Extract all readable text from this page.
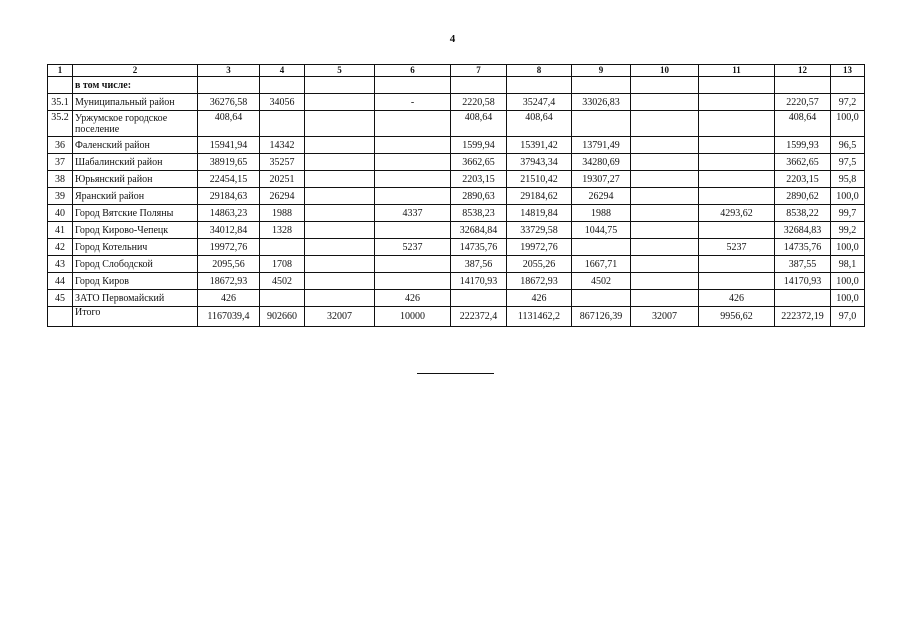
4
1	2	3	4	5	6	7	8	9	10	11	12	13
	в том числе:											
35.1	Муниципальный район	36276,58	34056		-	2220,58	35247,4	33026,83			2220,57	97,2
35.2	Уржумское городское поселение	408,64				408,64	408,64				408,64	100,0
36	Фаленский район	15941,94	14342			1599,94	15391,42	13791,49			1599,93	96,5
37	Шабалинский район	38919,65	35257			3662,65	37943,34	34280,69			3662,65	97,5
38	Юрьянский район	22454,15	20251			2203,15	21510,42	19307,27			2203,15	95,8
39	Яранский район	29184,63	26294			2890,63	29184,62	26294			2890,62	100,0
40	Город Вятские Поляны	14863,23	1988		4337	8538,23	14819,84	1988		4293,62	8538,22	99,7
41	Город Кирово-Чепецк	34012,84	1328			32684,84	33729,58	1044,75			32684,83	99,2
42	Город Котельнич	19972,76			5237	14735,76	19972,76			5237	14735,76	100,0
43	Город Слободской	2095,56	1708			387,56	2055,26	1667,71			387,55	98,1
44	Город Киров	18672,93	4502			14170,93	18672,93	4502			14170,93	100,0
45	ЗАТО Первомайский	426			426		426			426		100,0
	Итого	1167039,4	902660	32007	10000	222372,4	1131462,2	867126,39	32007	9956,62	222372,19	97,0
